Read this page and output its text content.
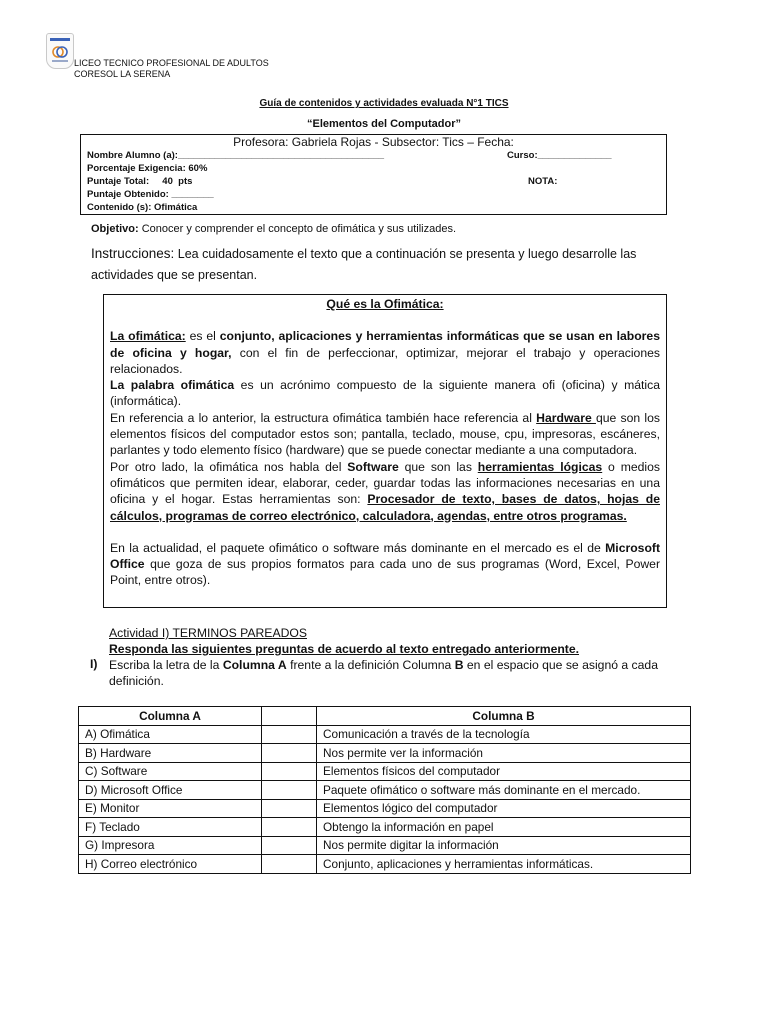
LICEO TECNICO PROFESIONAL DE ADULTOS
CORESOL LA SERENA
Guía de contenidos y actividades evaluada N°1 TICS
“Elementos del Computador”
Profesora: Gabriela Rojas - Subsector: Tics – Fecha:
Nombre Alumno (a):_______________________________________	Curso:______________
Porcentaje Exigencia: 60%
Puntaje Total:     40  pts	NOTA:
Puntaje Obtenido: ________
Contenido (s): Ofimática
Objetivo: Conocer y comprender el concepto de ofimática y sus utilizades.
Instrucciones: Lea cuidadosamente el texto que a continuación se presenta y luego desarrolle las actividades que se presentan.

Qué es la Ofimática:

La ofimática: es el conjunto, aplicaciones y herramientas informáticas que se usan en labores de oficina y hogar, con el fin de perfeccionar, optimizar, mejorar el trabajo y operaciones relacionados.

La palabra ofimática es un acrónimo compuesto de la siguiente manera ofi (oficina) y mática (informática).

En referencia a lo anterior, la estructura ofimática también hace referencia al Hardware que son los elementos físicos del computador estos son; pantalla, teclado, mouse, cpu, impresoras, escáneres, parlantes y todo elemento físico (hardware) que se puede conectar mediante a una computadora.

Por otro lado, la ofimática nos habla del Software que son las herramientas lógicas o medios ofimáticos que permiten idear, elaborar, ceder, guardar todas las informaciones necesarias en una oficina y el hogar. Estas herramientas son: Procesador de texto, bases de datos, hojas de cálculos, programas de correo electrónico, calculadora, agendas, entre otros programas.

En la actualidad, el paquete ofimático o software más dominante en el mercado es el de Microsoft Office que goza de sus propios formatos para cada uno de sus programas (Word, Excel, Power Point, entre otros).

Actividad I) TERMINOS PAREADOS

Responda las siguientes preguntas de acuerdo al texto entregado anteriormente.

Escriba la letra de la Columna A frente a la definición Columna B en el espacio que se asignó a cada definición.

I)
Columna A		Columna B
A) Ofimática		Comunicación a través de la tecnología
B) Hardware		Nos permite ver la información
C) Software		Elementos físicos del computador
D) Microsoft Office		Paquete ofimático o software más dominante en el mercado.
E) Monitor		Elementos lógico del computador
F) Teclado		Obtengo la información en papel
G) Impresora		Nos permite digitar la información
H) Correo electrónico		Conjunto, aplicaciones y herramientas informáticas.
